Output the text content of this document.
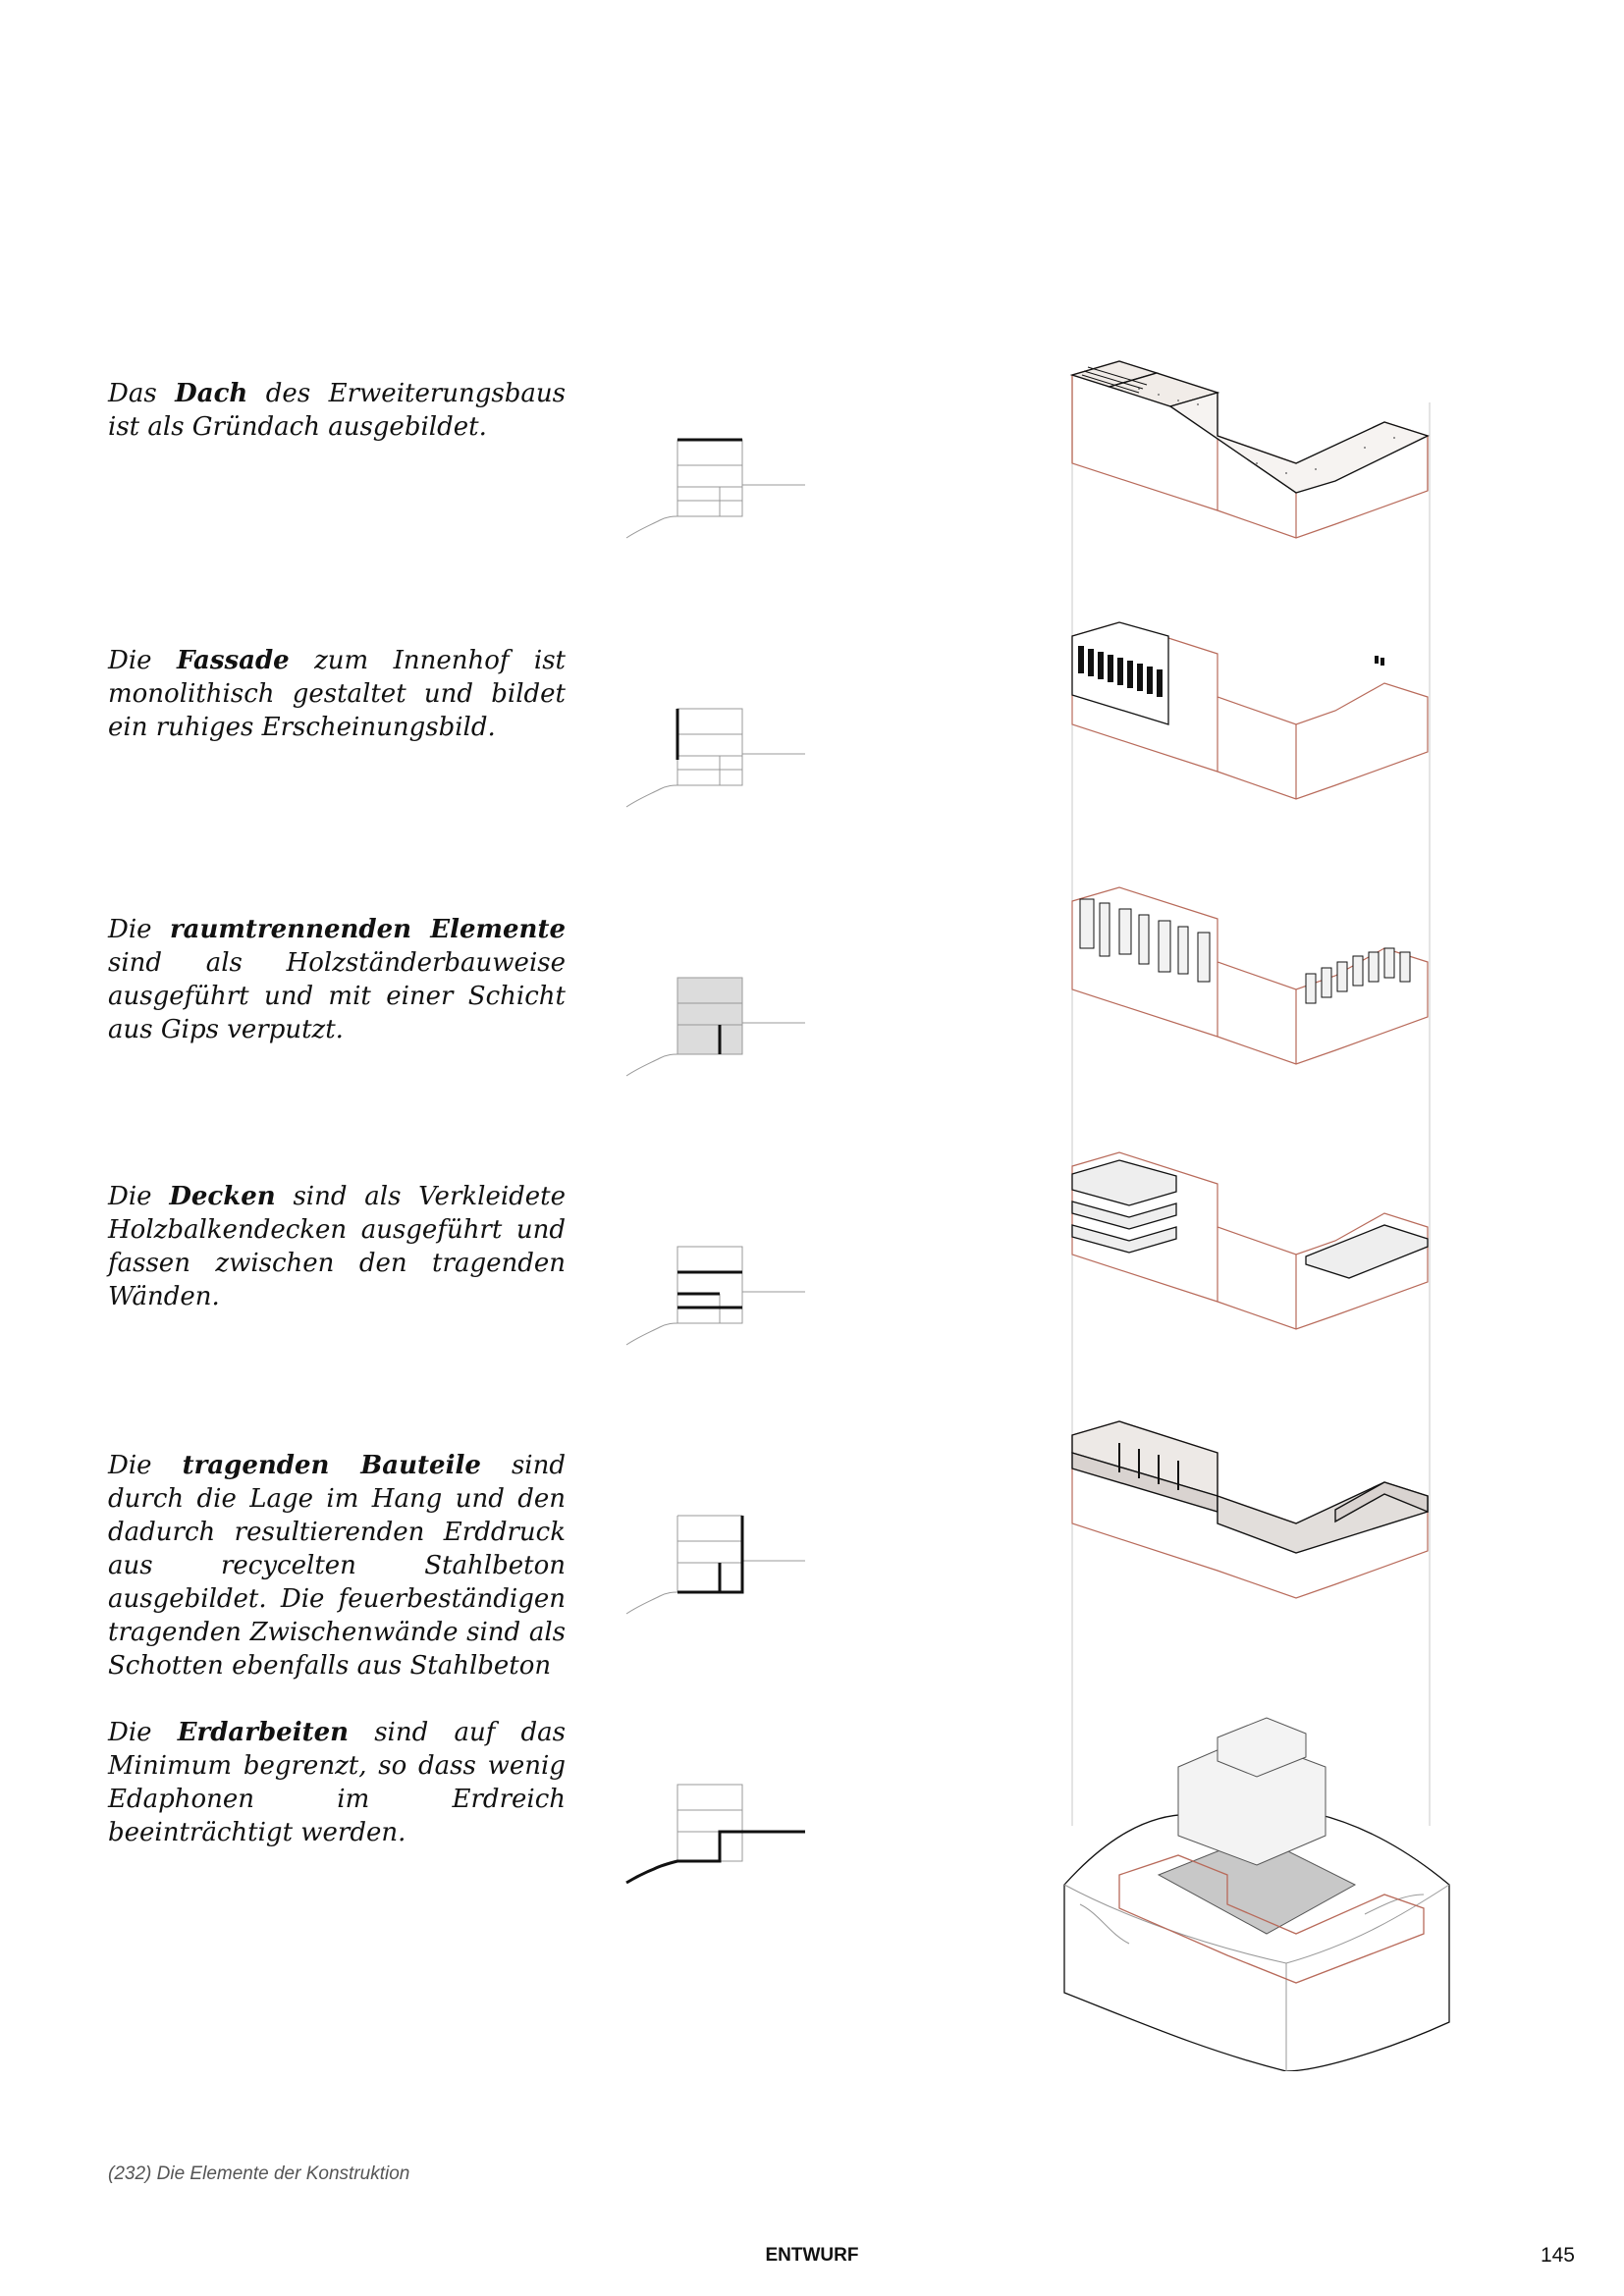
Das Dach des Erweiterungsbaus ist als Gründach ausgebildet.
Die Fassade zum Innenhof ist monolithisch gestaltet und bildet ein ruhiges Erscheinungsbild.
Die raumtrennenden Elemente sind als Holzständerbauweise ausgeführt und mit einer Schicht aus Gips verputzt.
Die Decken sind als Verkleidete Holzbalkendecken ausgeführt und fassen zwischen den tragenden Wänden.
Die tragenden Bauteile sind durch die Lage im Hang und den dadurch resultierenden Erddruck aus recycelten Stahlbeton ausgebildet. Die feuerbeständigen tragenden Zwischenwände sind als Schotten ebenfalls aus Stahlbeton
Die Erdarbeiten sind auf das Minimum begrenzt, so dass wenig Edaphonen im Erdreich beeinträchtigt werden.
(232) Die Elemente der Konstruktion
ENTWURF	145
